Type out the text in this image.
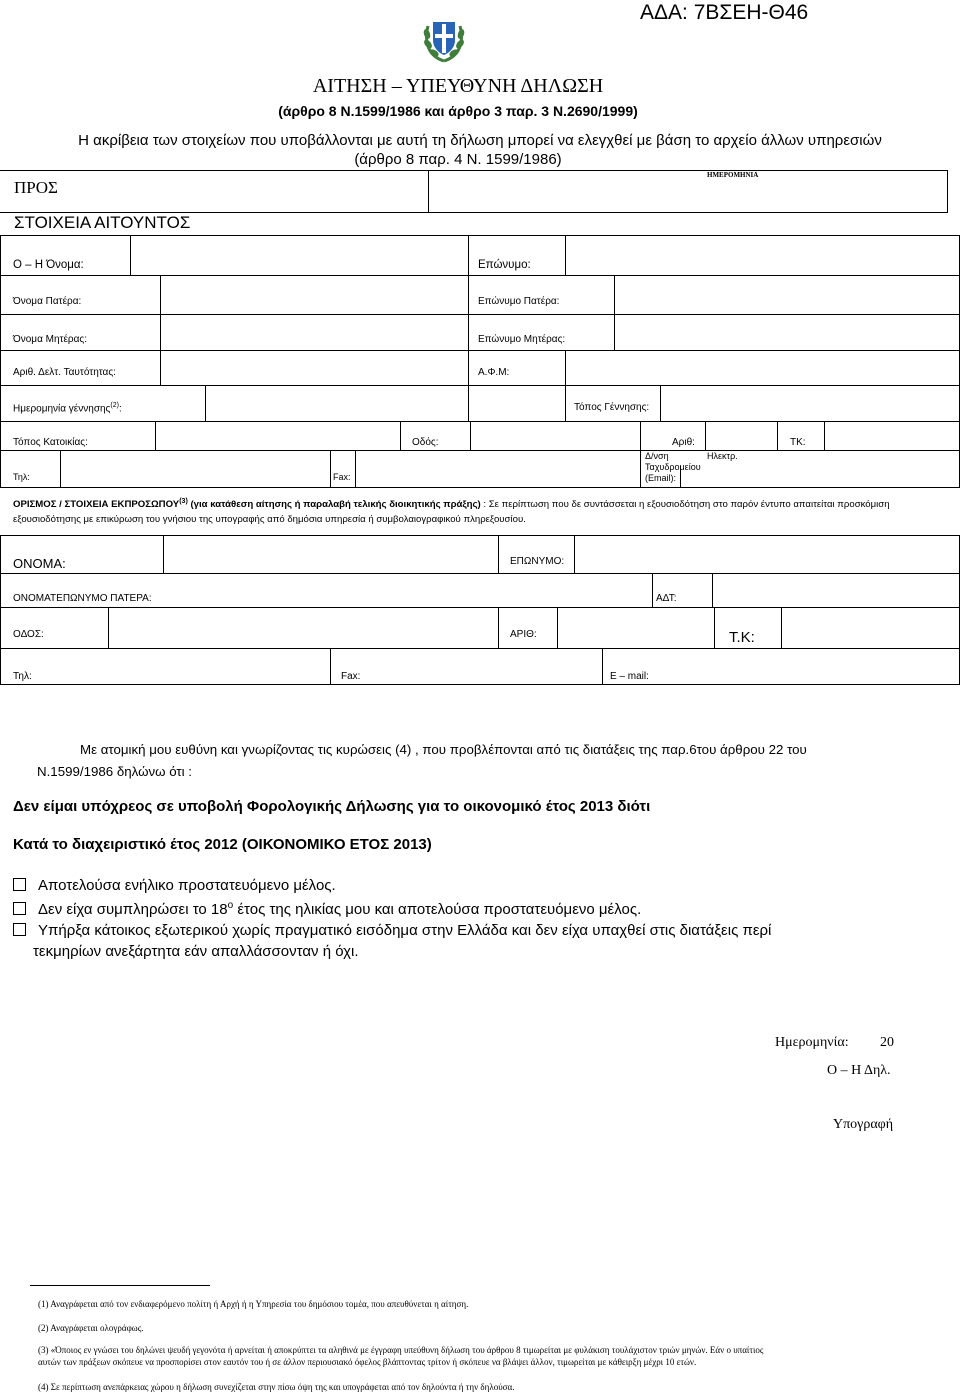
ΑΔΑ: 7ΒΣΕΗ-Θ46
ΑΙΤΗΣΗ – ΥΠΕΥΘΥΝΗ ΔΗΛΩΣΗ
(άρθρο 8 Ν.1599/1986 και άρθρο 3 παρ. 3 Ν.2690/1999)
Η ακρίβεια των στοιχείων που υποβάλλονται με αυτή τη δήλωση μπορεί να ελεγχθεί με βάση το αρχείο άλλων υπηρεσιών
(άρθρο 8 παρ. 4 Ν. 1599/1986)
ΠΡΟΣ
ΗΜΕΡΟΜΗΝΙΑ
ΣΤΟΙΧΕΙΑ ΑΙΤΟΥΝΤΟΣ
Ο – Η Όνομα:	Επώνυμο:
Όνομα Πατέρα:	Επώνυμο Πατέρα:
Όνομα Μητέρας:	Επώνυμο Μητέρας:
Αριθ. Δελτ. Ταυτότητας:	Α.Φ.Μ:
Ημερομηνία γέννησης$^{(2)}$:	Τόπος Γέννησης:
Τόπος Κατοικίας:	Οδός:	Αριθ:	ΤΚ:
Τηλ:	Fax:
Δ/νση	Ηλεκτρ.
Ταχυδρομείου
(Email):
ΟΡΙΣΜΟΣ / ΣΤΟΙΧΕΙΑ ΕΚΠΡΟΣΩΠΟΥ$^{(3)}$ (για κατάθεση αίτησης ή παραλαβή τελικής διοικητικής πράξης) : Σε περίπτωση που δε συντάσσεται η εξουσιοδότηση στο παρόν έντυπο απαιτείται προσκόμιση εξουσιοδότησης με επικύρωση του γνήσιου της υπογραφής από δημόσια υπηρεσία ή συμβολαιογραφικού πληρεξουσίου.
ΟΝΟΜΑ:	ΕΠΩΝΥΜΟ:
ΟΝΟΜΑΤΕΠΩΝΥΜΟ ΠΑΤΕΡΑ:	ΑΔΤ:
ΟΔΟΣ:	ΑΡΙΘ:	Τ.Κ:
Τηλ:	Fax:	E – mail:
Με ατομική μου ευθύνη και γνωρίζοντας τις κυρώσεις (4) , που προβλέπονται από τις διατάξεις της παρ.6του άρθρου 22 του
Ν.1599/1986 δηλώνω ότι :
Δεν είμαι υπόχρεος σε υποβολή Φορολογικής Δήλωσης για το οικονομικό έτος 2013 διότι
Κατά το διαχειριστικό έτος 2012 (ΟΙΚΟΝΟΜΙΚΟ ΕΤΟΣ 2013)
Αποτελούσα ενήλικο προστατευόμενο μέλος.
Δεν είχα συμπληρώσει το $18^o$ έτος της ηλικίας μου και αποτελούσα προστατευόμενο μέλος.
Υπήρξα κάτοικος εξωτερικού χωρίς πραγματικό εισόδημα στην Ελλάδα και δεν είχα υπαχθεί στις διατάξεις περί
τεκμηρίων ανεξάρτητα εάν απαλλάσσονταν ή όχι.
Ημερομηνία: 20
Ο – Η Δηλ.
Υπογραφή
(1) Αναγράφεται από τον ενδιαφερόμενο πολίτη ή Αρχή ή η Υπηρεσία του δημόσιου τομέα, που απευθύνεται η αίτηση.
(2) Αναγράφεται ολογράφως.
(3) «Όποιος εν γνώσει του δηλώνει ψευδή γεγονότα ή αρνείται ή αποκρύπτει τα αληθινά με έγγραφη υπεύθυνη δήλωση του άρθρου 8 τιμωρείται με φυλάκιση τουλάχιστον τριών μηνών. Εάν ο υπαίτιος
αυτών των πράξεων σκόπευε να προσπορίσει στον εαυτόν του ή σε άλλον περιουσιακό όφελος βλάπτοντας τρίτον ή σκόπευε να βλάψει άλλον, τιμωρείται με κάθειρξη μέχρι 10 ετών.
(4) Σε περίπτωση ανεπάρκειας χώρου η δήλωση συνεχίζεται στην πίσω όψη της και υπογράφεται από τον δηλούντα ή την δηλούσα.
